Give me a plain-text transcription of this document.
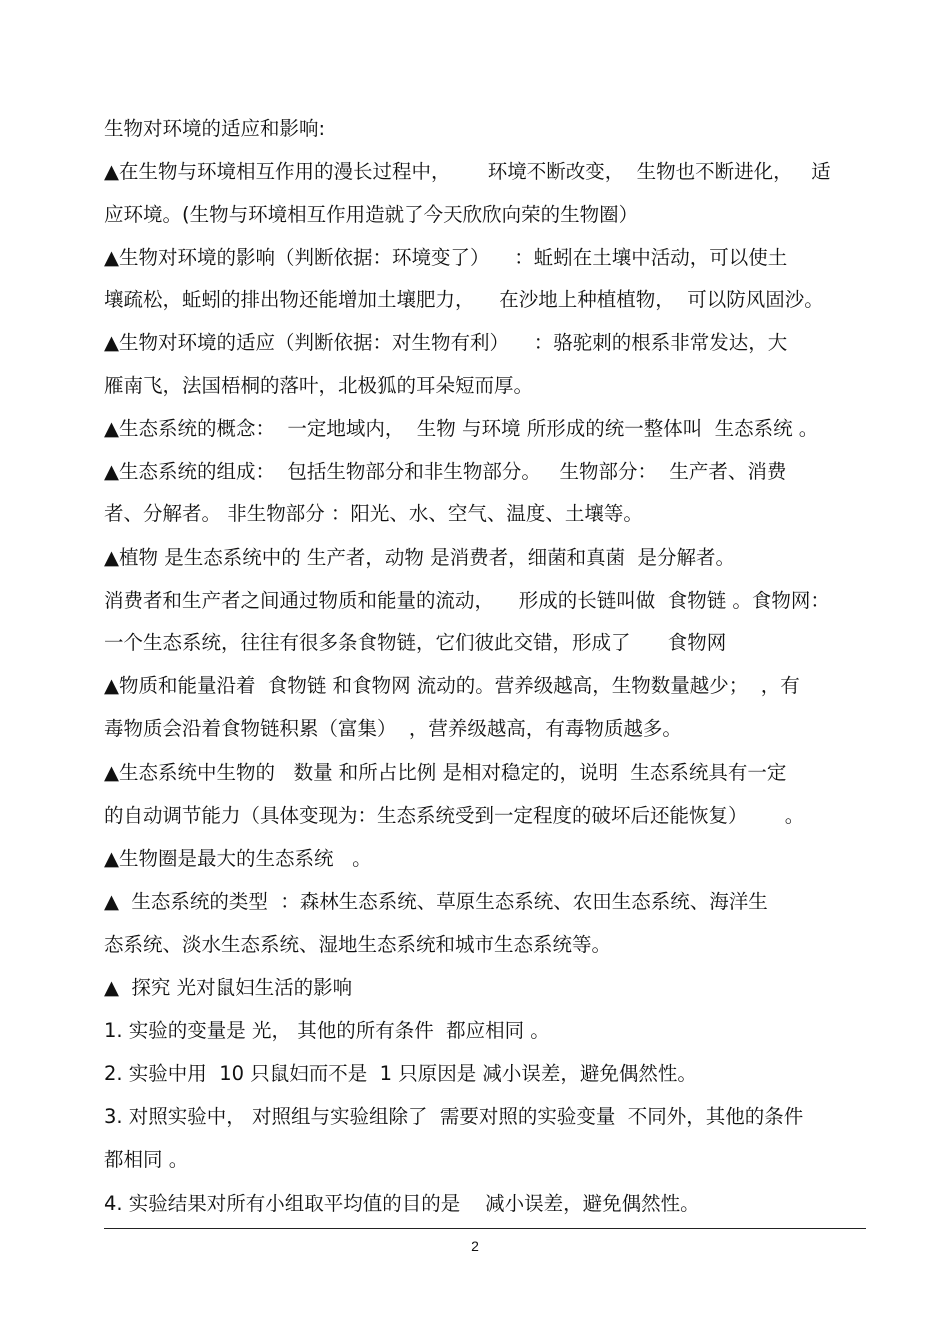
生物对环境的适应和影响:
▲在生物与环境相互作用的漫长过程中，      环境不断改变，  生物也不断进化，   适
应环境。(生物与环境相互作用造就了今天欣欣向荣的生物圈）
▲生物对环境的影响（判断依据：环境变了）    ：蚯蚓在土壤中活动，可以使土
壤疏松，蚯蚓的排出物还能增加土壤肥力，    在沙地上种植植物，  可以防风固沙。
▲生物对环境的适应（判断依据：对生物有利）    ：骆驼刺的根系非常发达，大
雁南飞，法国梧桐的落叶，北极狐的耳朵短而厚。
▲生态系统的概念：  一定地域内，  生物 与环境 所形成的统一整体叫  生态系统 。
▲生态系统的组成：  包括生物部分和非生物部分。   生物部分：  生产者、消费
者、分解者。 非生物部分 ：阳光、水、空气、温度、土壤等。
▲植物 是生态系统中的 生产者，动物 是消费者，细菌和真菌  是分解者。
消费者和生产者之间通过物质和能量的流动，    形成的长链叫做  食物链 。食物网：
一个生态系统，往往有很多条食物链，它们彼此交错，形成了      食物网
▲物质和能量沿着  食物链 和食物网 流动的。营养级越高，生物数量越少；  ，有
毒物质会沿着食物链积累（富集）  ，营养级越高，有毒物质越多。
▲生态系统中生物的   数量 和所占比例 是相对稳定的，说明  生态系统具有一定
的自动调节能力（具体变现为：生态系统受到一定程度的破坏后还能恢复）      。
▲生物圈是最大的生态系统   。
▲  生态系统的类型  ：森林生态系统、草原生态系统、农田生态系统、海洋生
态系统、淡水生态系统、湿地生态系统和城市生态系统等。
▲  探究 光对鼠妇生活的影响
1. 实验的变量是 光， 其他的所有条件  都应相同 。
2. 实验中用  10 只鼠妇而不是  1 只原因是 减小误差，避免偶然性。
3. 对照实验中， 对照组与实验组除了  需要对照的实验变量  不同外，其他的条件
都相同 。
4. 实验结果对所有小组取平均值的目的是    减小误差，避免偶然性。
2
